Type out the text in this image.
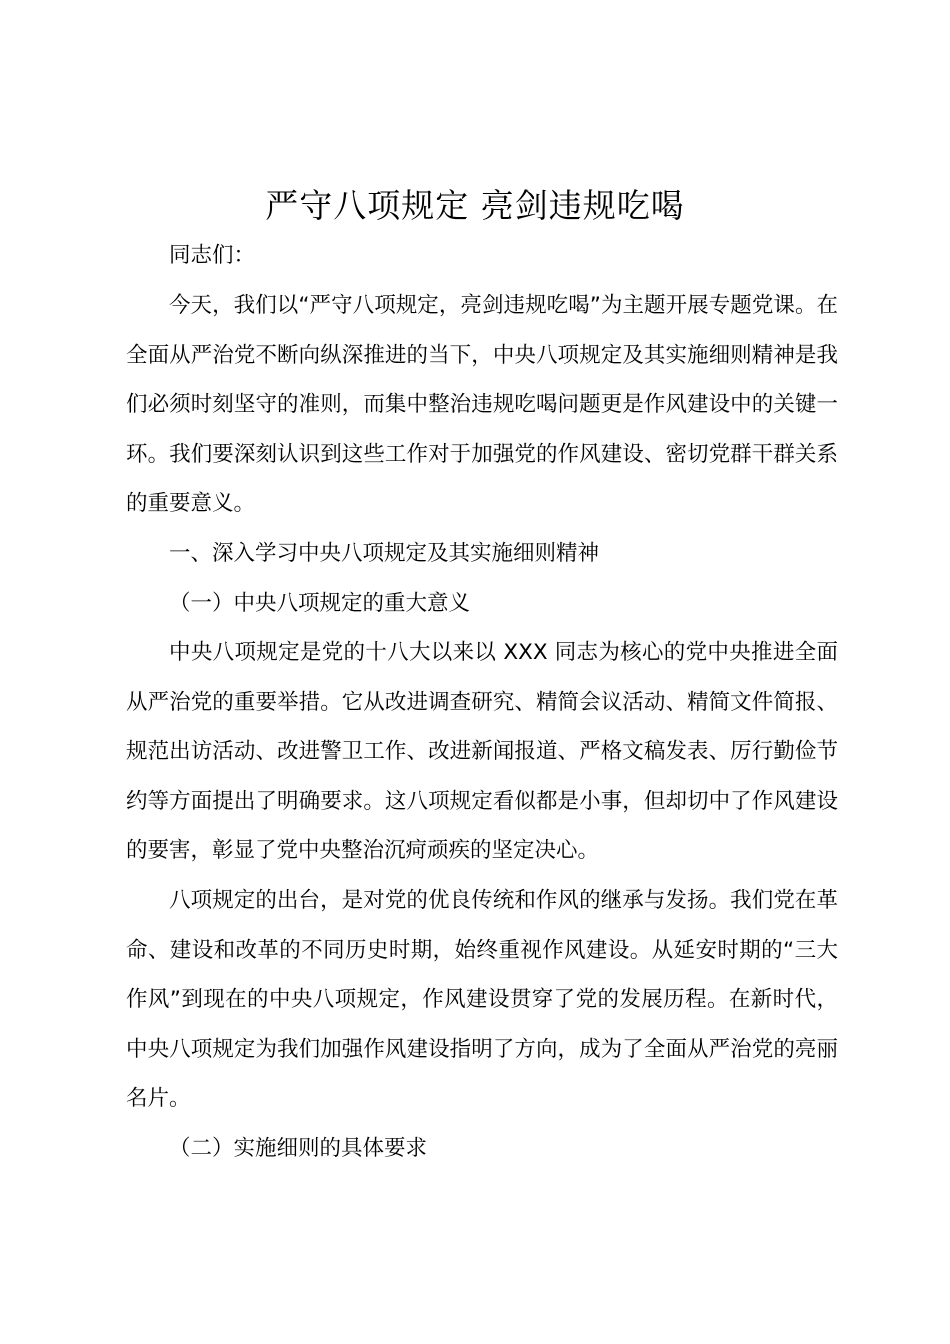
严守八项规定 亮剑违规吃喝

同志们：

今天，我们以“严守八项规定，亮剑违规吃喝”为主题开展专题党课。在全面从严治党不断向纵深推进的当下，中央八项规定及其实施细则精神是我们必须时刻坚守的准则，而集中整治违规吃喝问题更是作风建设中的关键一环。我们要深刻认识到这些工作对于加强党的作风建设、密切党群干群关系的重要意义。

一、深入学习中央八项规定及其实施细则精神

（一）中央八项规定的重大意义

中央八项规定是党的十八大以来以 XXX 同志为核心的党中央推进全面从严治党的重要举措。它从改进调查研究、精简会议活动、精简文件简报、规范出访活动、改进警卫工作、改进新闻报道、严格文稿发表、厉行勤俭节约等方面提出了明确要求。这八项规定看似都是小事，但却切中了作风建设的要害，彰显了党中央整治沉疴顽疾的坚定决心。

八项规定的出台，是对党的优良传统和作风的继承与发扬。我们党在革命、建设和改革的不同历史时期，始终重视作风建设。从延安时期的“三大作风”到现在的中央八项规定，作风建设贯穿了党的发展历程。在新时代，中央八项规定为我们加强作风建设指明了方向，成为了全面从严治党的亮丽名片。

（二）实施细则的具体要求
